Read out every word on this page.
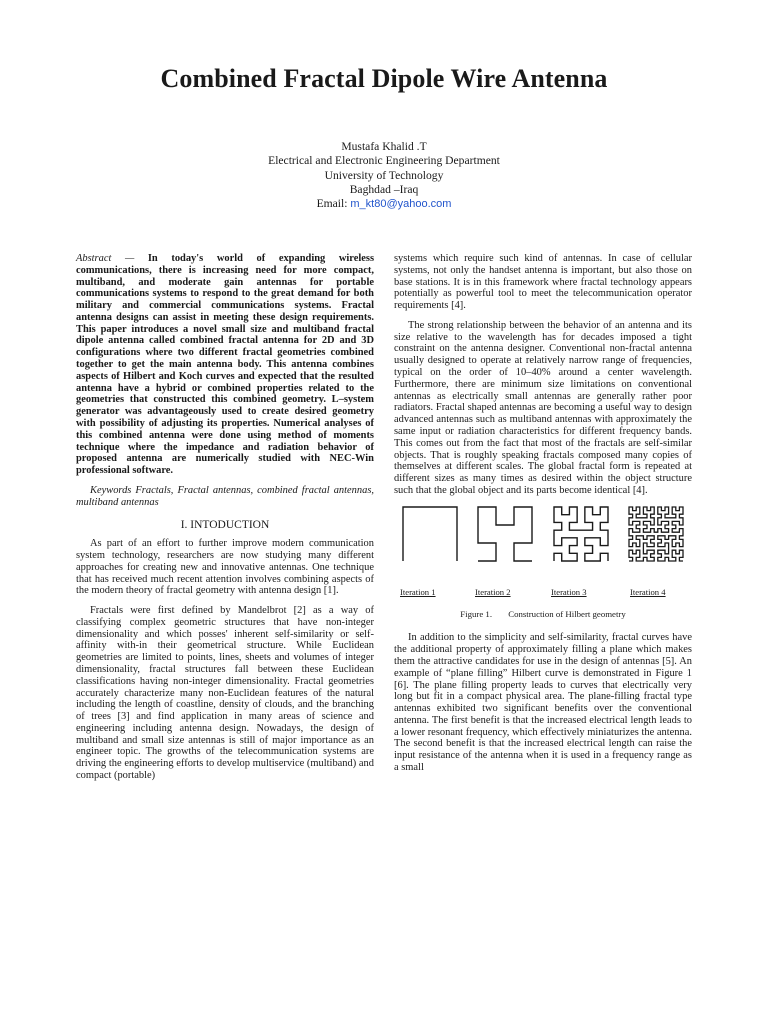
Combined Fractal Dipole Wire Antenna
Mustafa Khalid .T
Electrical and Electronic Engineering Department
University of Technology
Baghdad –Iraq
Email: m_kt80@yahoo.com

Abstract — In today's world of expanding wireless communications, there is increasing need for more compact, multiband, and moderate gain antennas for portable communications systems to respond to the great demand for both military and commercial communications systems. Fractal antenna designs can assist in meeting these design requirements. This paper introduces a novel small size and multiband fractal dipole antenna called combined fractal antenna for 2D and 3D configurations where two different fractal geometries combined together to get the main antenna body. This antenna combines aspects of Hilbert and Koch curves and expected that the resulted antenna have a hybrid or combined properties related to the geometries that constructed this combined geometry. L–system generator was advantageously used to create desired geometry with possibility of adjusting its properties. Numerical analyses of this combined antenna were done using method of moments technique where the impedance and radiation behavior of proposed antenna are numerically studied with NEC-Win professional software.

Keywords Fractals, Fractal antennas, combined fractal antennas, multiband antennas

I. INTODUCTION

As part of an effort to further improve modern communication system technology, researchers are now studying many different approaches for creating new and innovative antennas. One technique that has received much recent attention involves combining aspects of the modern theory of fractal geometry with antenna design [1].

Fractals were first defined by Mandelbrot [2] as a way of classifying complex geometric structures that have non-integer dimensionality and which posses' inherent self-similarity or self- affinity with-in their geometrical structure. While Euclidean geometries are limited to points, lines, sheets and volumes of integer dimensionality, fractal structures fall between these Euclidean classifications having non-integer dimensionality. Fractal geometries accurately characterize many non-Euclidean features of the natural including the length of coastline, density of clouds, and the branching of trees [3] and find application in many areas of science and engineering including antenna design. Nowadays, the design of multiband and small size antennas is still of major importance as an engineer topic. The growths of the telecommunication systems are driving the engineering efforts to develop multiservice (multiband) and compact (portable)

systems which require such kind of antennas. In case of cellular systems, not only the handset antenna is important, but also those on base stations. It is in this framework where fractal technology appears potentially as powerful tool to meet the telecommunication operator requirements [4].

The strong relationship between the behavior of an antenna and its size relative to the wavelength has for decades imposed a tight constraint on the antenna designer. Conventional non-fractal antenna usually designed to operate at relatively narrow range of frequencies, typical on the order of 10–40% around a center wavelength. Furthermore, there are minimum size limitations on conventional antennas as electrically small antennas are generally rather poor radiators. Fractal shaped antennas are becoming a useful way to design advanced antennas such as multiband antennas with approximately the same input or radiation characteristics for different frequency bands. This comes out from the fact that most of the fractals are self-similar objects. That is roughly speaking fractals composed many copies of themselves at different scales. The global fractal form is repeated at different sizes as many times as desired within the object structure such that the global object and its parts become identical [4].

Iteration 1	Iteration 2	Iteration 3	Iteration 4
Figure 1. Construction of Hilbert geometry

In addition to the simplicity and self-similarity, fractal curves have the additional property of approximately filling a plane which makes them the attractive candidates for use in the design of antennas [5]. An example of “plane filling” Hilbert curve is demonstrated in Figure 1 [6]. The plane filling property leads to curves that electrically very long but fit in a compact physical area. The plane-filling fractal type antennas exhibited two significant benefits over the conventional antenna. The first benefit is that the increased electrical length leads to a lower resonant frequency, which effectively miniaturizes the antenna. The second benefit is that the increased electrical length can raise the input resistance of the antenna when it is used in a frequency range as a small
